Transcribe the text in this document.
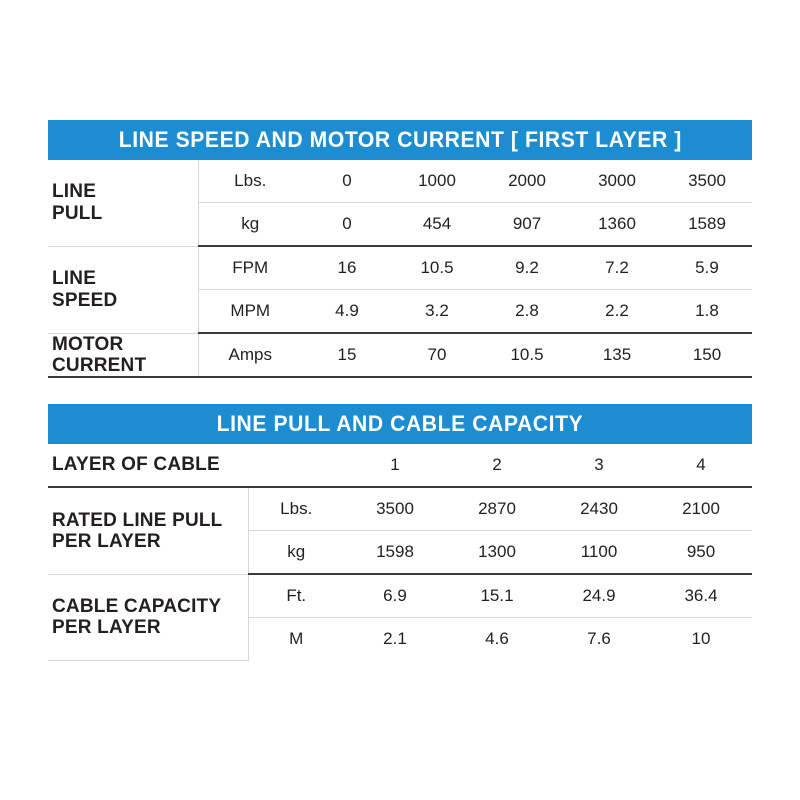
LINE SPEED AND MOTOR CURRENT [ FIRST LAYER ]
LINE
PULL	Lbs.	0	1000	2000	3000	3500
	kg	0	454	907	1360	1589
LINE
SPEED	FPM	16	10.5	9.2	7.2	5.9
	MPM	4.9	3.2	2.8	2.2	1.8
MOTOR
CURRENT	Amps	15	70	10.5	135	150
LINE PULL AND CABLE CAPACITY
LAYER OF CABLE		1	2	3	4
RATED LINE PULL
PER LAYER	Lbs.	3500	2870	2430	2100
	kg	1598	1300	1100	950
CABLE CAPACITY
PER LAYER	Ft.	6.9	15.1	24.9	36.4
	M	2.1	4.6	7.6	10
